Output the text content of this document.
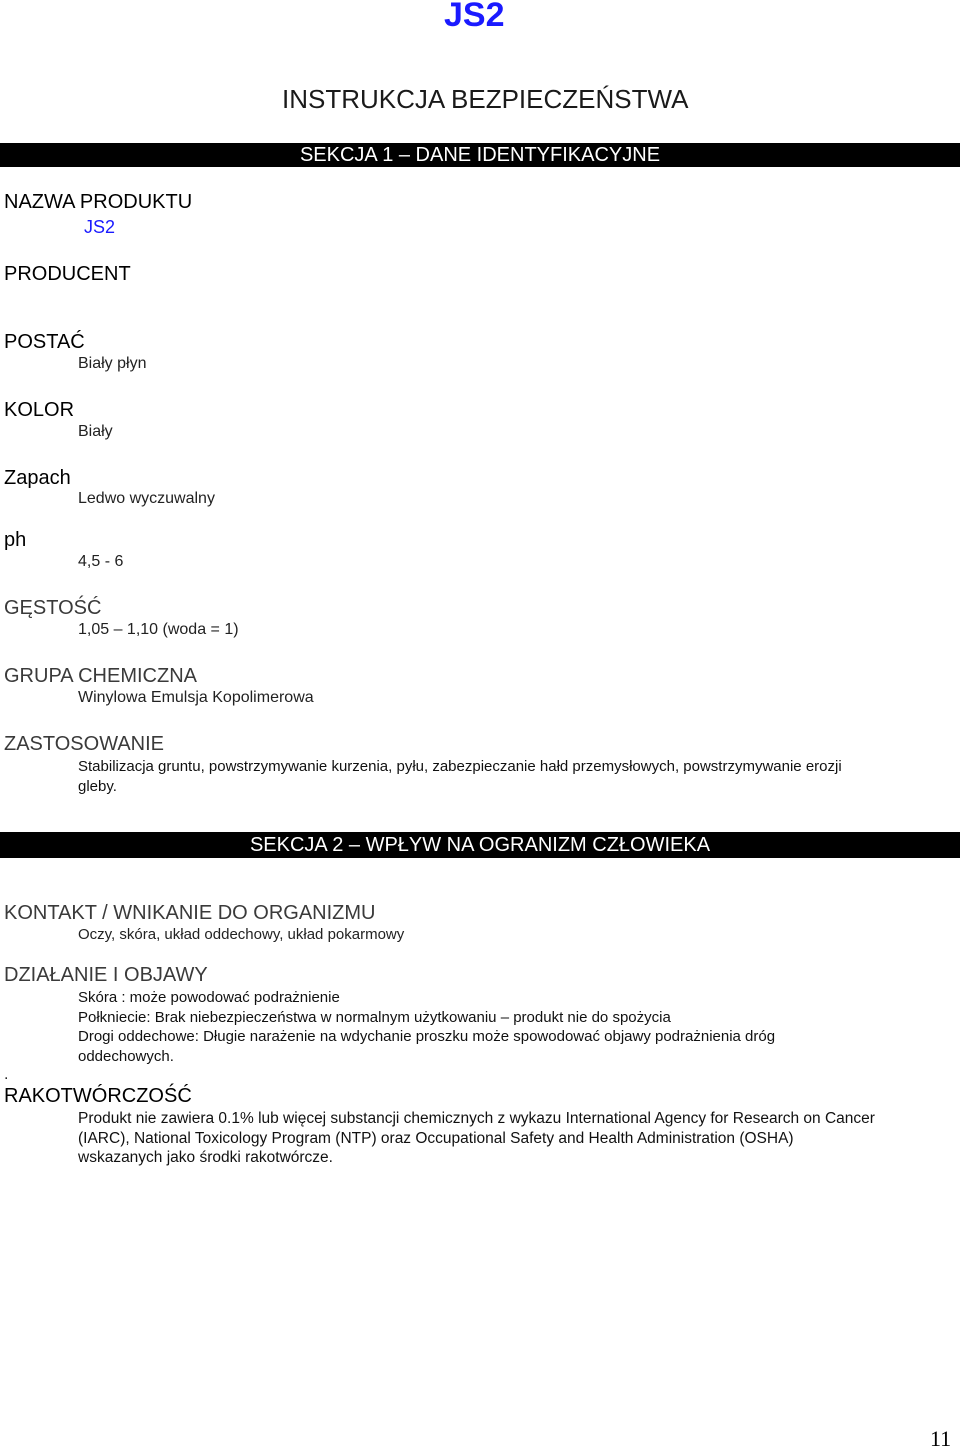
JS2
INSTRUKCJA BEZPIECZEŃSTWA
SEKCJA 1 – DANE IDENTYFIKACYJNE
NAZWA PRODUKTU
JS2
PRODUCENT
POSTAĆ
Biały płyn
KOLOR
Biały
Zapach
Ledwo wyczuwalny
ph
4,5 - 6
GĘSTOŚĆ
1,05 – 1,10 (woda = 1)
GRUPA CHEMICZNA
Winylowa Emulsja Kopolimerowa
ZASTOSOWANIE
Stabilizacja gruntu, powstrzymywanie kurzenia, pyłu, zabezpieczanie hałd przemysłowych, powstrzymywanie erozji
gleby.
SEKCJA 2 – WPŁYW NA OGRANIZM CZŁOWIEKA
KONTAKT / WNIKANIE DO ORGANIZMU
Oczy, skóra, układ oddechowy, układ pokarmowy
DZIAŁANIE I OBJAWY
Skóra : może powodować podrażnienie
Połkniecie: Brak niebezpieczeństwa w normalnym użytkowaniu – produkt nie do spożycia
Drogi oddechowe: Długie narażenie na wdychanie proszku może spowodować objawy podrażnienia dróg
oddechowych.
.
RAKOTWÓRCZOŚĆ
Produkt nie zawiera 0.1% lub więcej substancji chemicznych z wykazu International Agency for Research on Cancer
(IARC), National Toxicology Program (NTP) oraz Occupational Safety and Health Administration (OSHA)
wskazanych jako środki rakotwórcze.
11
